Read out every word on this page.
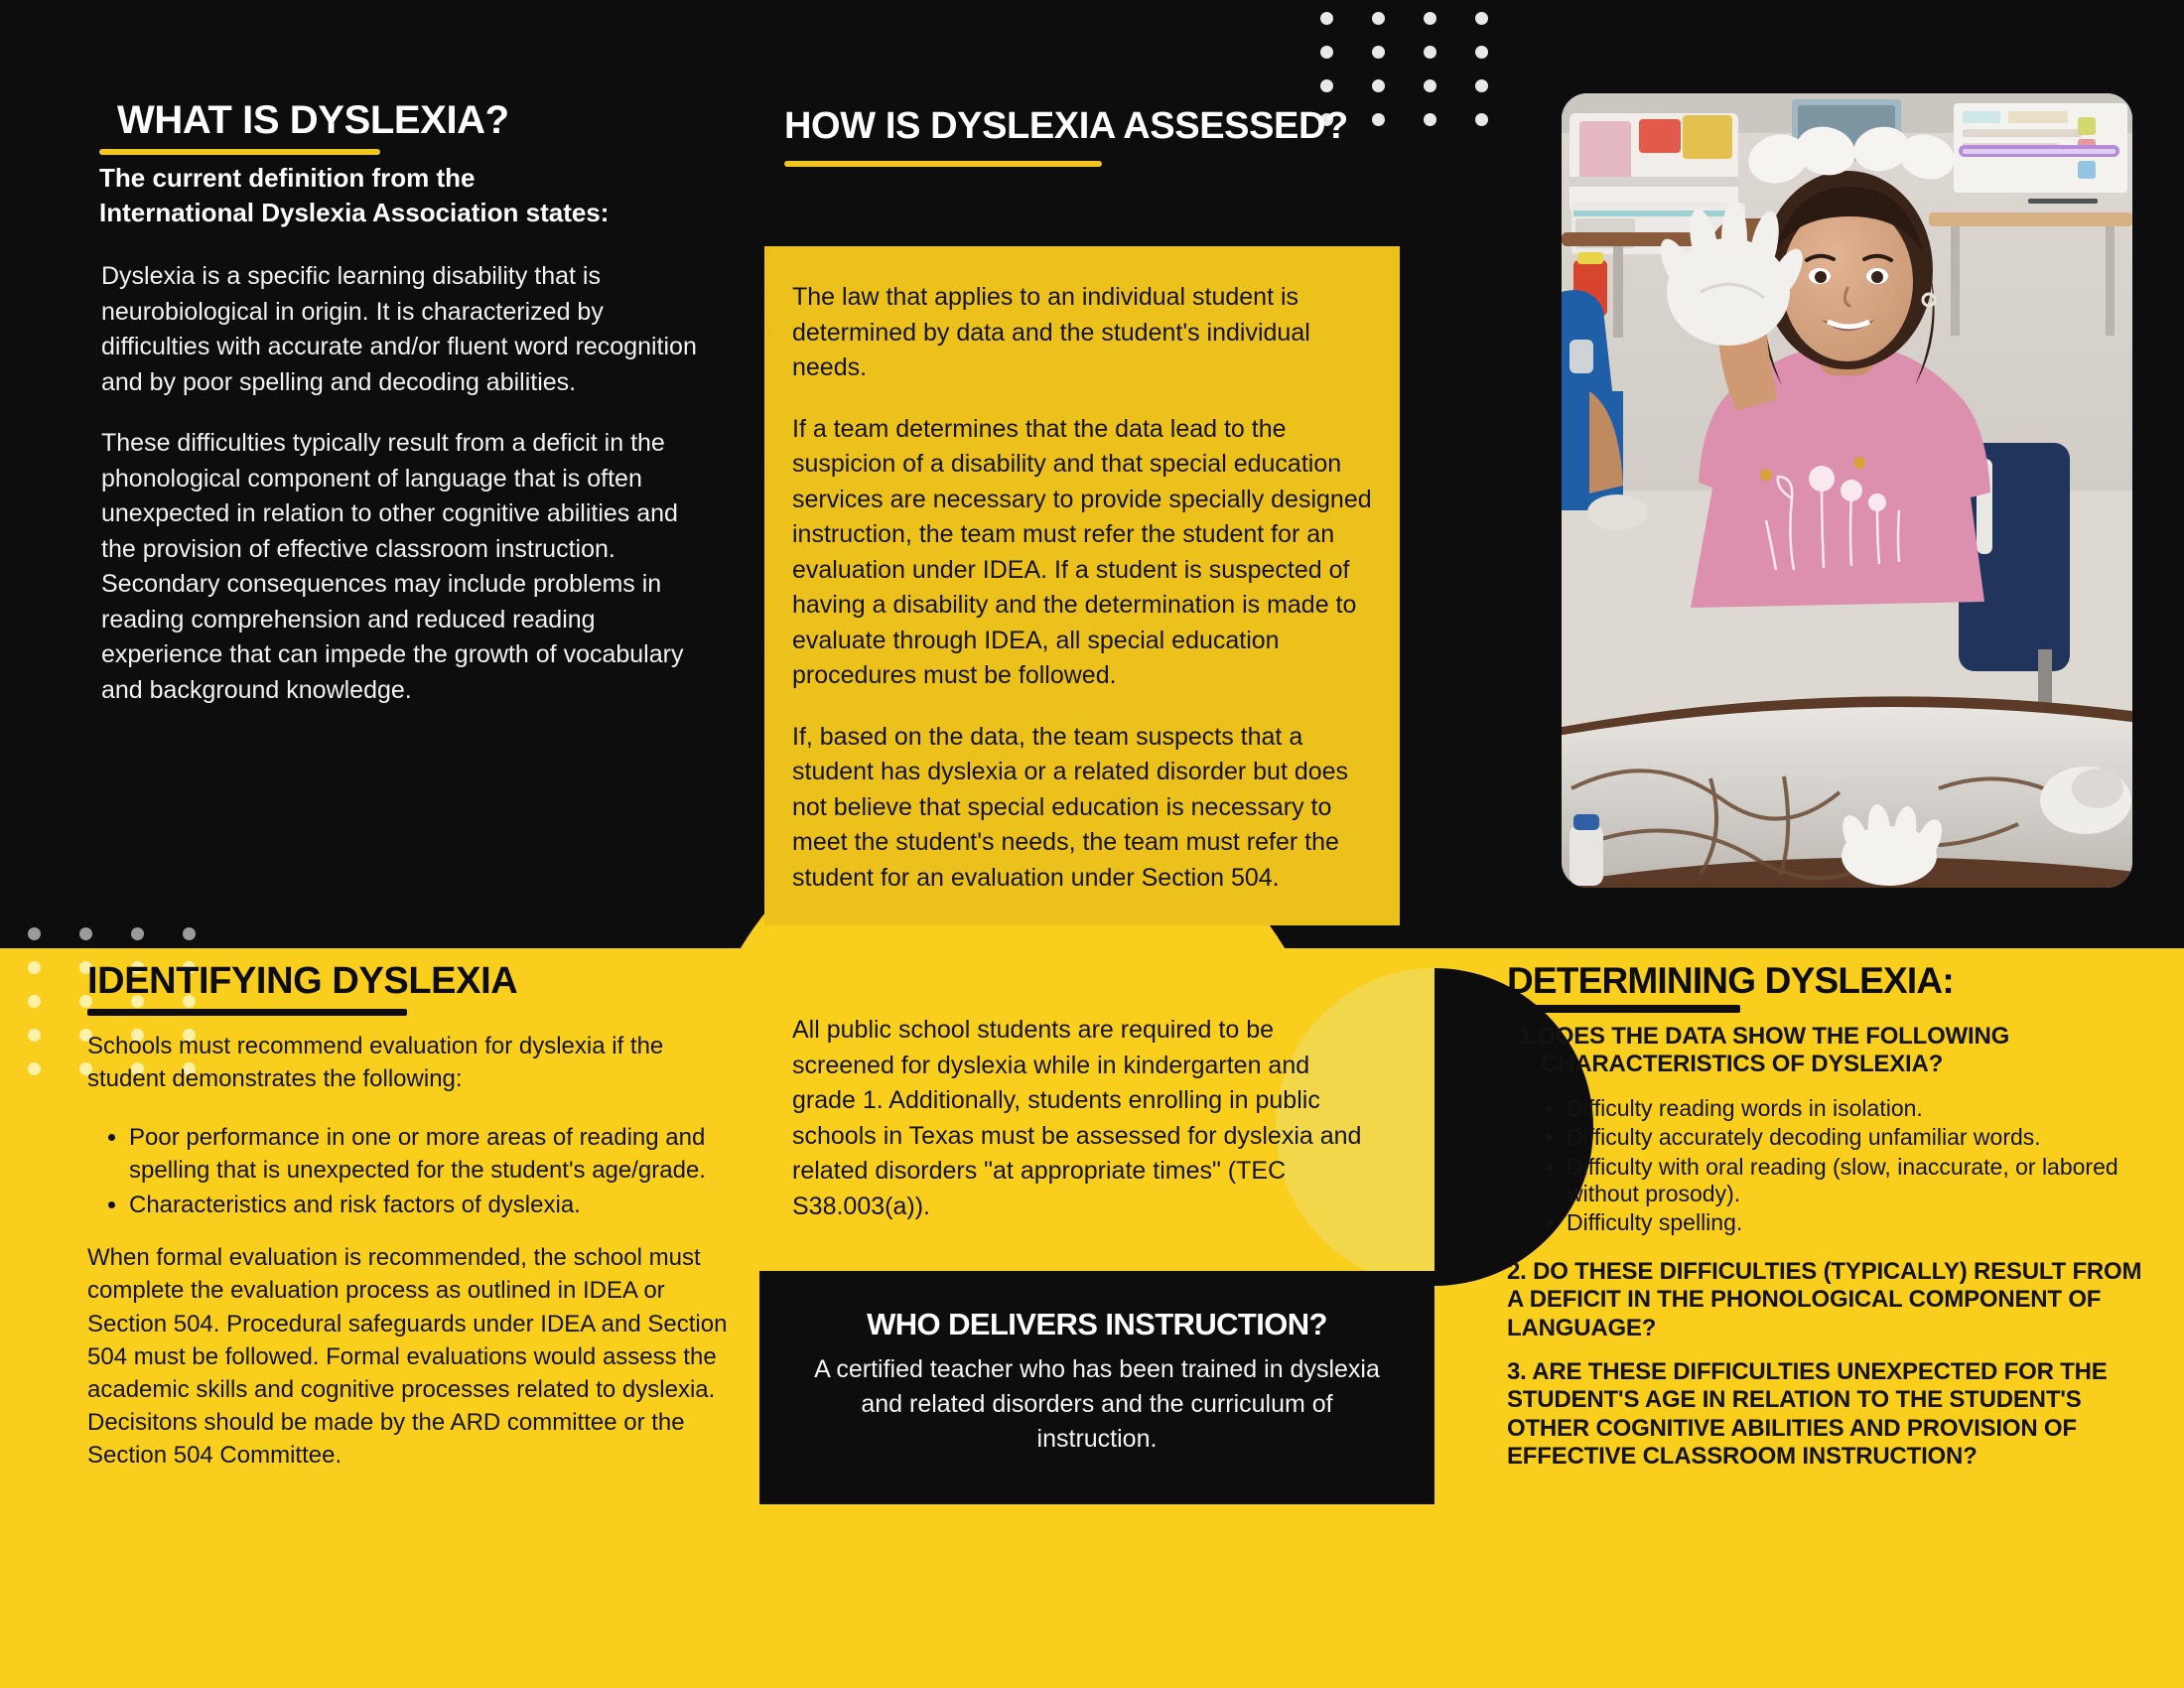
WHAT IS DYSLEXIA?

The current definition from the International Dyslexia Association states:

Dyslexia is a specific learning disability that is neurobiological in origin. It is characterized by difficulties with accurate and/or fluent word recognition and by poor spelling and decoding abilities.

These difficulties typically result from a deficit in the phonological component of language that is often unexpected in relation to other cognitive abilities and the provision of effective classroom instruction. Secondary consequences may include problems in reading comprehension and reduced reading experience that can impede the growth of vocabulary and background knowledge.

HOW IS DYSLEXIA ASSESSED?

The law that applies to an individual student is determined by data and the student's individual needs.

If a team determines that the data lead to the suspicion of a disability and that special education services are necessary to provide specially designed instruction, the team must refer the student for an evaluation under IDEA. If a student is suspected of having a disability and the determination is made to evaluate through IDEA, all special education procedures must be followed.

If, based on the data, the team suspects that a student has dyslexia or a related disorder but does not believe that special education is necessary to meet the student's needs, the team must refer the student for an evaluation under Section 504.

All public school students are required to be screened for dyslexia while in kindergarten and grade 1. Additionally, students enrolling in public schools in Texas must be assessed for dyslexia and related disorders "at appropriate times" (TEC S38.003(a)).

IDENTIFYING DYSLEXIA

Schools must recommend evaluation for dyslexia if the student demonstrates the following:

• Poor performance in one or more areas of reading and spelling that is unexpected for the student's age/grade.
• Characteristics and risk factors of dyslexia.

When formal evaluation is recommended, the school must complete the evaluation process as outlined in IDEA or Section 504. Procedural safeguards under IDEA and Section 504 must be followed. Formal evaluations would assess the academic skills and cognitive processes related to dyslexia. Decisitons should be made by the ARD committee or the Section 504 Committee.

WHO DELIVERS INSTRUCTION?

A certified teacher who has been trained in dyslexia and related disorders and the curriculum of instruction.

DETERMINING DYSLEXIA:

1.DOES THE DATA SHOW THE FOLLOWING CHARACTERISTICS OF DYSLEXIA?

• Difficulty reading words in isolation.
• Difficulty accurately decoding unfamiliar words.
• Difficulty with oral reading (slow, inaccurate, or labored without prosody).
• Difficulty spelling.

2. DO THESE DIFFICULTIES (TYPICALLY) RESULT FROM A DEFICIT IN THE PHONOLOGICAL COMPONENT OF LANGUAGE?

3. ARE THESE DIFFICULTIES UNEXPECTED FOR THE STUDENT'S AGE IN RELATION TO THE STUDENT'S OTHER COGNITIVE ABILITIES AND PROVISION OF EFFECTIVE CLASSROOM INSTRUCTION?
